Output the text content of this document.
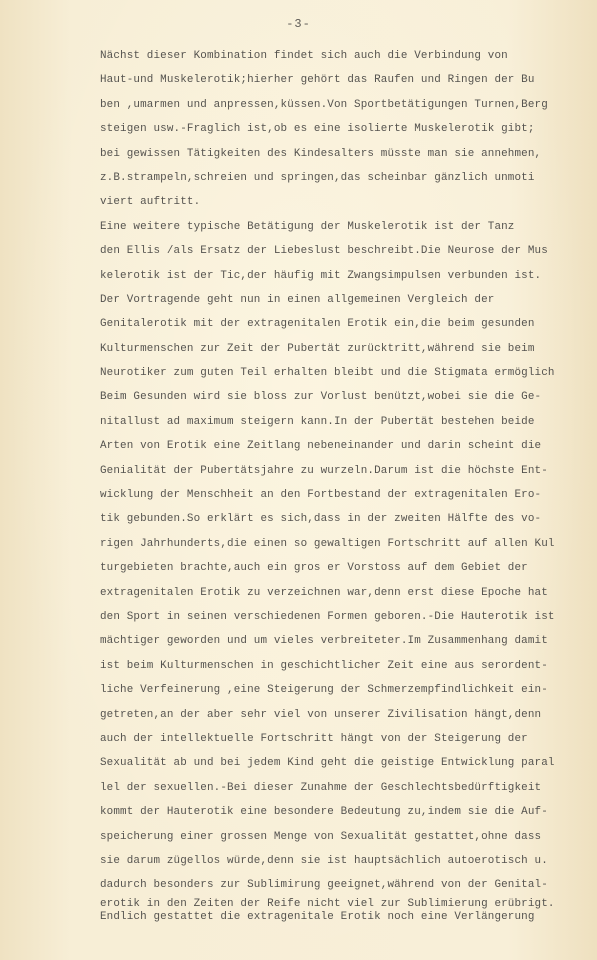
-3-
Nächst dieser Kombination findet sich auch die Verbindung von
Haut-und Muskelerotik;hierher gehört das Raufen und Ringen der Bu
ben ,umarmen und anpressen,küssen.Von Sportbetätigungen Turnen,Berg
steigen usw.-Fraglich ist,ob es eine isolierte Muskelerotik gibt;
bei gewissen Tätigkeiten des Kindesalters müsste man sie annehmen,
z.B.strampeln,schreien und springen,das scheinbar gänzlich unmoti
viert auftritt.
Eine weitere typische Betätigung der Muskelerotik ist der Tanz
den Ellis /als Ersatz der Liebeslust beschreibt.Die Neurose der Mus
kelerotik ist der Tic,der häufig mit Zwangsimpulsen verbunden ist.
Der Vortragende geht nun in einen allgemeinen Vergleich der
Genitalerotik mit der extragenitalen Erotik ein,die beim gesunden
Kulturmenschen zur Zeit der Pubertät zurücktritt,während sie beim
Neurotiker zum guten Teil erhalten bleibt und die Stigmata ermöglich
Beim Gesunden wird sie bloss zur Vorlust benützt,wobei sie die Ge-
nitallust ad maximum steigern kann.In der Pubertät bestehen beide
Arten von Erotik eine Zeitlang nebeneinander und darin scheint die
Genialität der Pubertätsjahre zu wurzeln.Darum ist die höchste Ent-
wicklung der Menschheit an den Fortbestand der extragenitalen Ero-
tik gebunden.So erklärt es sich,dass in der zweiten Hälfte des vo-
rigen Jahrhunderts,die einen so gewaltigen Fortschritt auf allen Kul
turgebieten brachte,auch ein gros er Vorstoss auf dem Gebiet der
extragenitalen Erotik zu verzeichnen war,denn erst diese Epoche hat
den Sport in seinen verschiedenen Formen geboren.-Die Hauterotik ist
mächtiger geworden und um vieles verbreiteter.Im Zusammenhang damit
ist beim Kulturmenschen in geschichtlicher Zeit eine aus serordent-
liche Verfeinerung ,eine Steigerung der Schmerzempfindlichkeit ein-
getreten,an der aber sehr viel von unserer Zivilisation hängt,denn
auch der intellektuelle Fortschritt hängt von der Steigerung der
Sexualität ab und bei jedem Kind geht die geistige Entwicklung paral
lel der sexuellen.-Bei dieser Zunahme der Geschlechtsbedürftigkeit
kommt der Hauterotik eine besondere Bedeutung zu,indem sie die Auf-
speicherung einer grossen Menge von Sexualität gestattet,ohne dass
sie darum zügellos würde,denn sie ist hauptsächlich autoerotisch u.
dadurch besonders zur Sublimirung geeignet,während von der Genital-
erotik in den Zeiten der Reife nicht viel zur Sublimierung erübrigt.
Endlich gestattet die extragenitale Erotik noch eine Verlängerung
